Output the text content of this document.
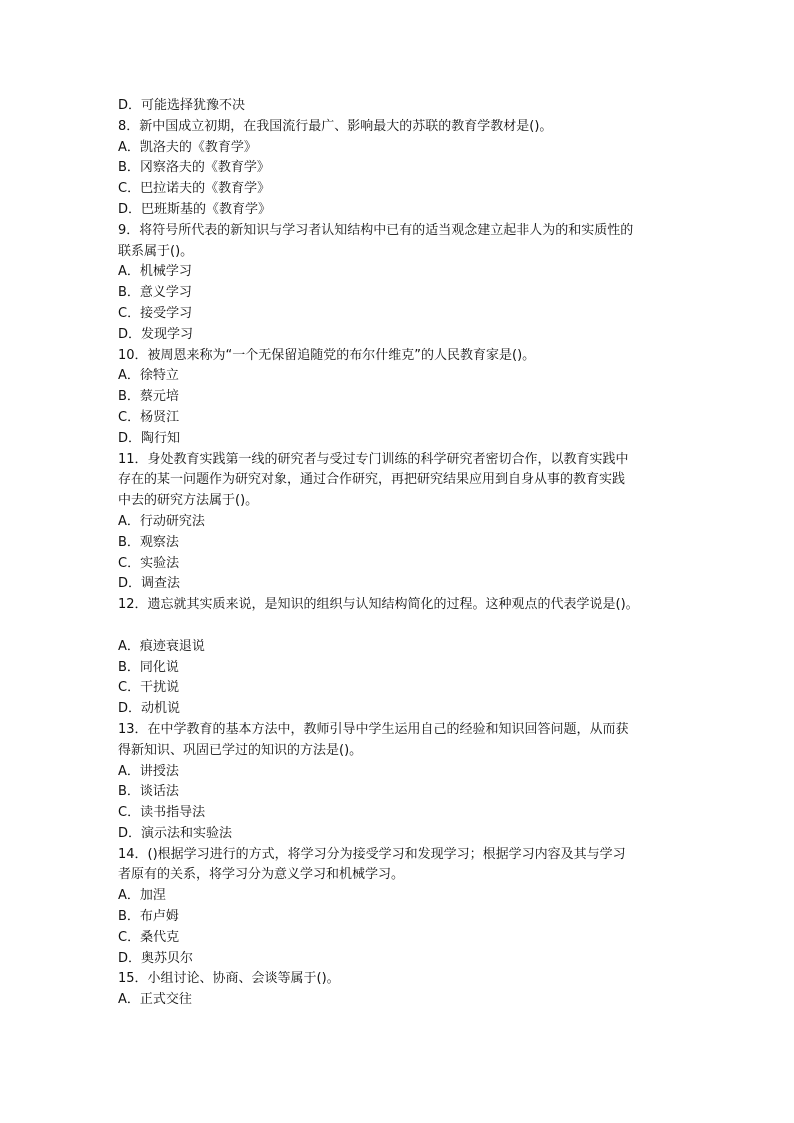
D．可能选择犹豫不决
8．新中国成立初期，在我国流行最广、影响最大的苏联的教育学教材是()。
A．凯洛夫的《教育学》
B．冈察洛夫的《教育学》
C．巴拉诺夫的《教育学》
D．巴班斯基的《教育学》
9．将符号所代表的新知识与学习者认知结构中已有的适当观念建立起非人为的和实质性的
联系属于()。
A．机械学习
B．意义学习
C．接受学习
D．发现学习
10．被周恩来称为“一个无保留追随党的布尔什维克”的人民教育家是()。
A．徐特立
B．蔡元培
C．杨贤江
D．陶行知
11．身处教育实践第一线的研究者与受过专门训练的科学研究者密切合作，以教育实践中
存在的某一问题作为研究对象，通过合作研究，再把研究结果应用到自身从事的教育实践
中去的研究方法属于()。
A．行动研究法
B．观察法
C．实验法
D．调查法
12．遗忘就其实质来说，是知识的组织与认知结构简化的过程。这种观点的代表学说是()。
A．痕迹衰退说
B．同化说
C．干扰说
D．动机说
13．在中学教育的基本方法中，教师引导中学生运用自己的经验和知识回答问题，从而获
得新知识、巩固已学过的知识的方法是()。
A．讲授法
B．谈话法
C．读书指导法
D．演示法和实验法
14．()根据学习进行的方式，将学习分为接受学习和发现学习；根据学习内容及其与学习
者原有的关系，将学习分为意义学习和机械学习。
A．加涅
B．布卢姆
C．桑代克
D．奥苏贝尔
15．小组讨论、协商、会谈等属于()。
A．正式交往
